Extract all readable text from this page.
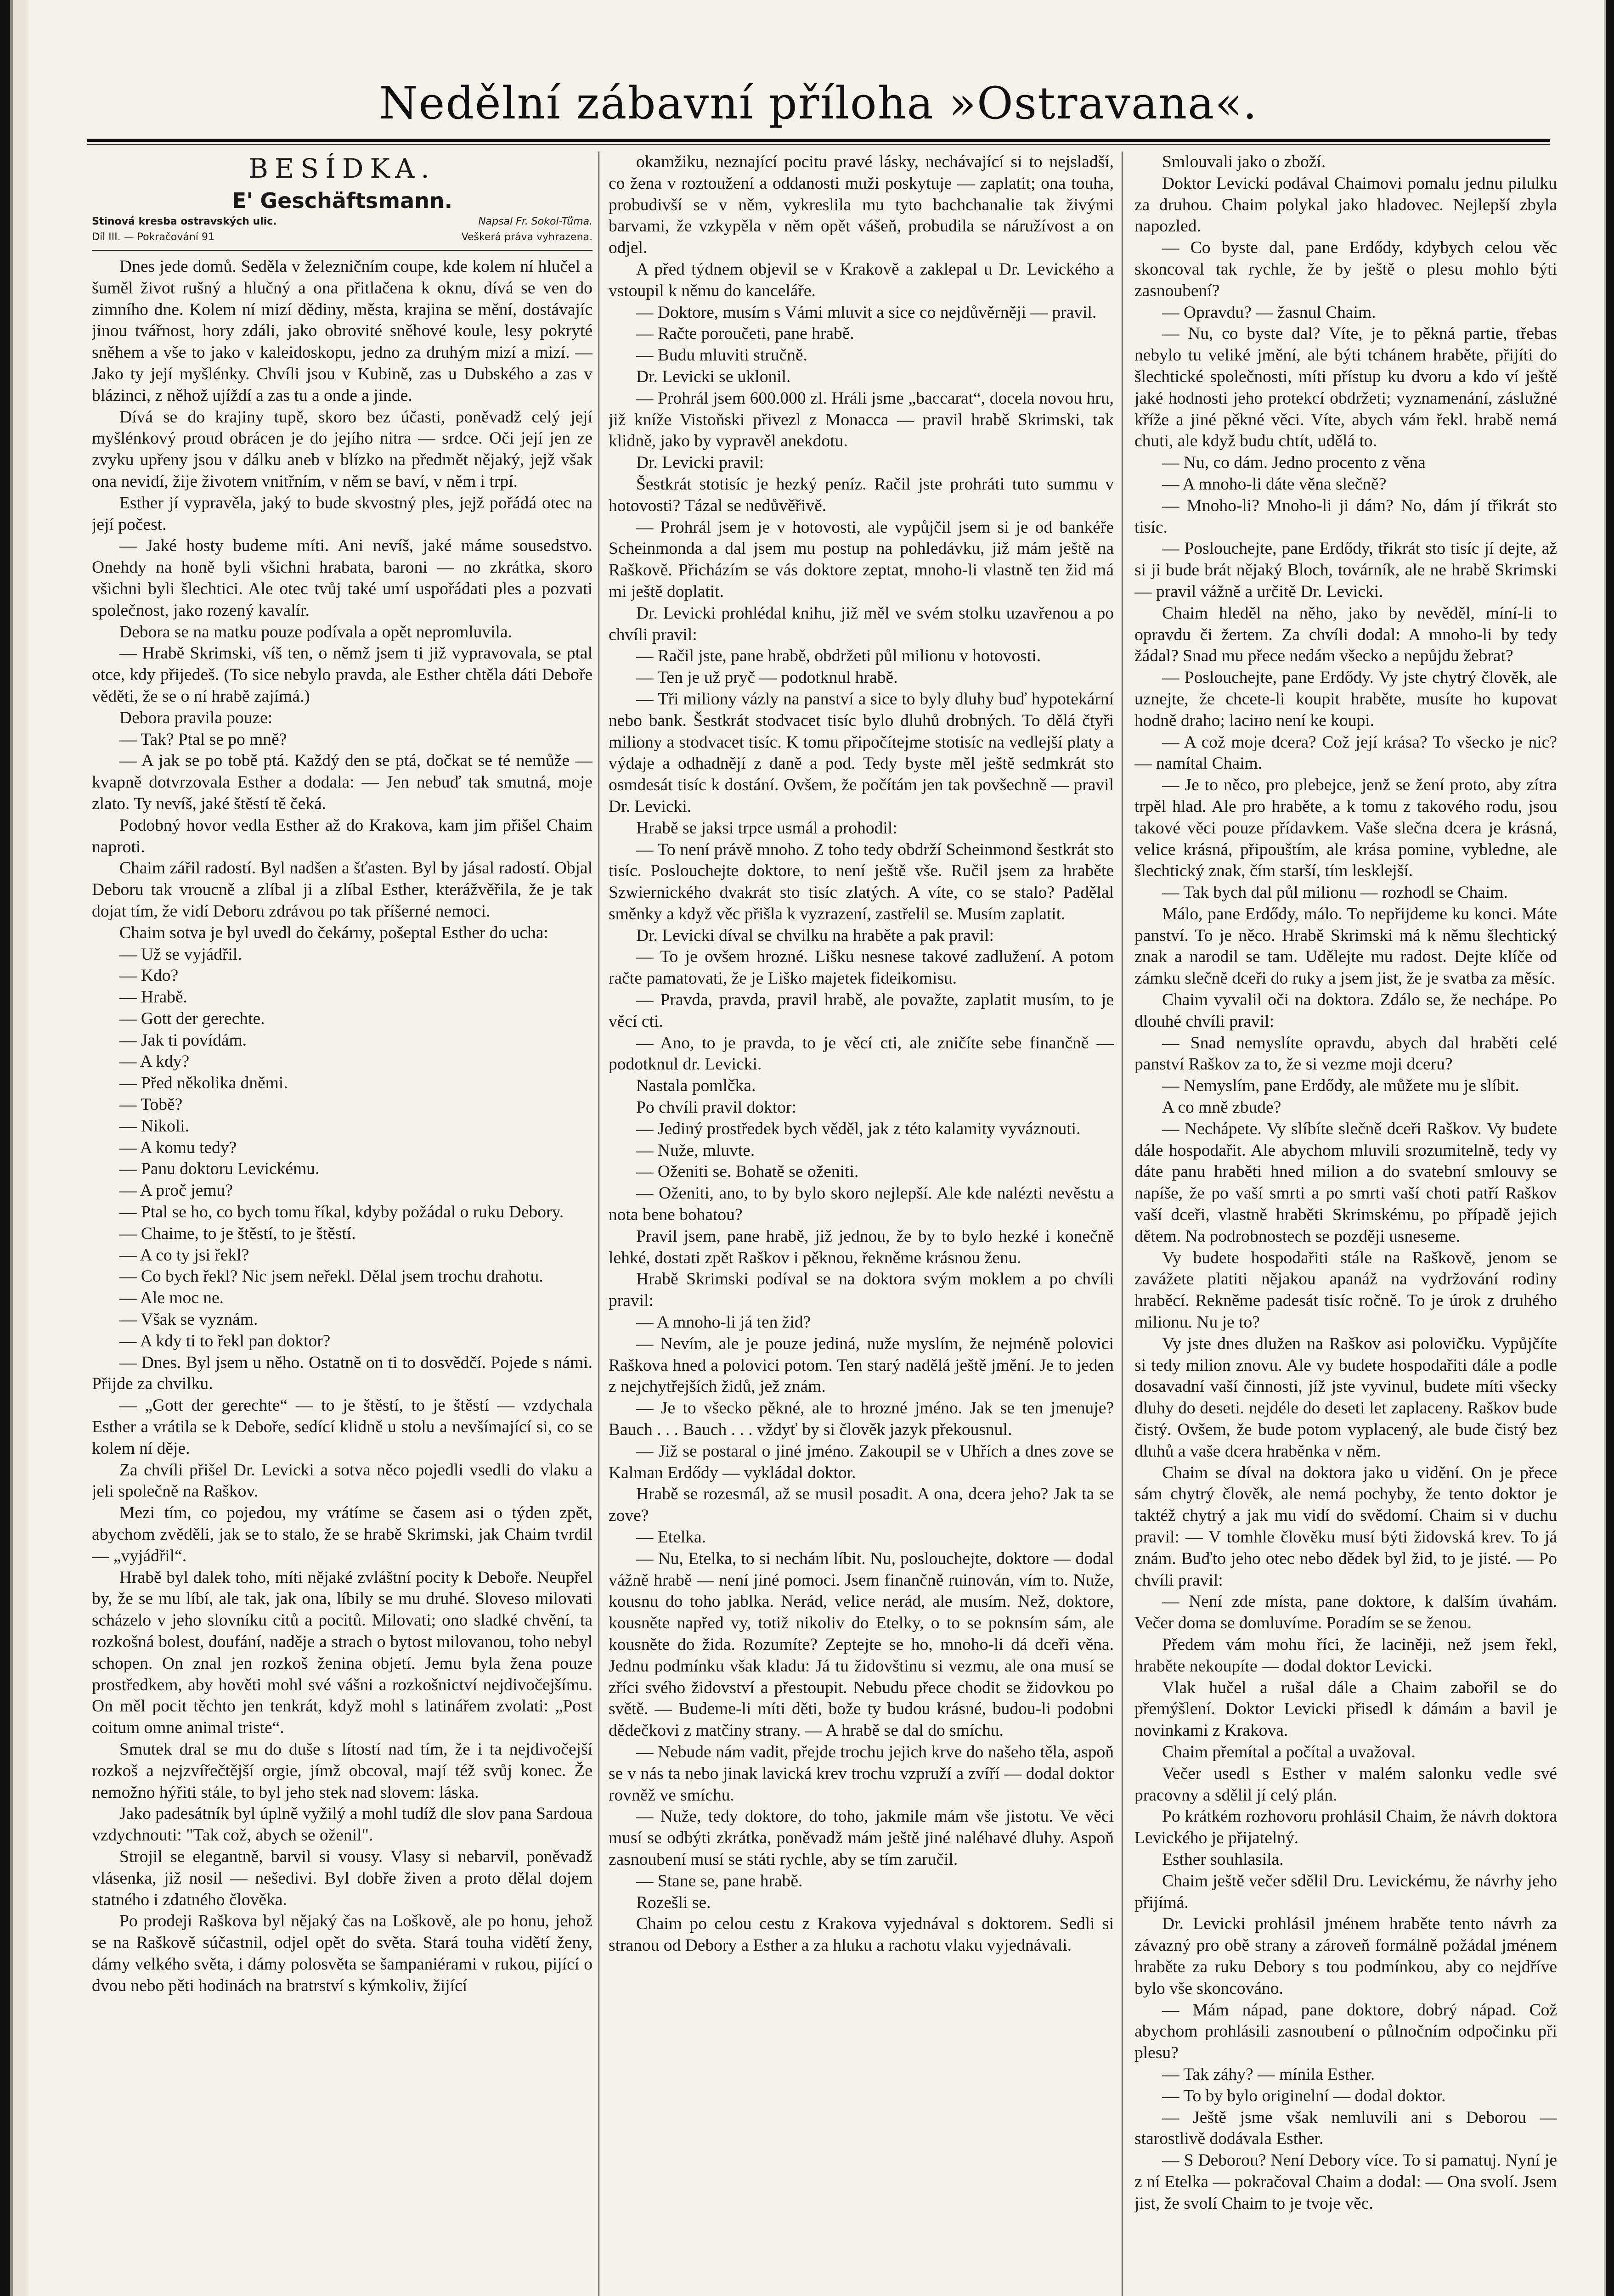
Nedělní zábavní příloha »Ostravana«.
BESÍDKA.
E' Geschäftsmann.
Stinová kresba ostravských ulic.	Napsal Fr. Sokol-Tůma.
Díl III. — Pokračování 91	Veškerá práva vyhrazena.

Dnes jede domů. Seděla v železničním coupe, kde kolem ní hlučel a šuměl život rušný a hlučný a ona přitlačena k oknu, dívá se ven do zimního dne. Kolem ní mizí dědiny, města, krajina se mění, dostávajíc jinou tvářnost, hory zdáli, jako obrovité sněhové koule, lesy pokryté sněhem a vše to jako v kaleidoskopu, jedno za druhým mizí a mizí. — Jako ty její myšlénky. Chvíli jsou v Kubině, zas u Dubského a zas v blázinci, z něhož ujíždí a zas tu a onde a jinde.

Dívá se do krajiny tupě, skoro bez účasti, poněvadž celý její myšlénkový proud obrácen je do jejího nitra — srdce. Oči její jen ze zvyku upřeny jsou v dálku aneb v blízko na předmět nějaký, jejž však ona nevidí, žije životem vnitřním, v něm se baví, v něm i trpí.

Esther jí vypravěla, jaký to bude skvostný ples, jejž pořádá otec na její počest.

— Jaké hosty budeme míti. Ani nevíš, jaké máme sousedstvo. Onehdy na honě byli všichni hrabata, baroni — no zkrátka, skoro všichni byli šlechtici. Ale otec tvůj také umí uspořádati ples a pozvati společnost, jako rozený kavalír.

Debora se na matku pouze podívala a opět nepromluvila.

— Hrabě Skrimski, víš ten, o němž jsem ti již vypravovala, se ptal otce, kdy přijedeš. (To sice nebylo pravda, ale Esther chtěla dáti Deboře věděti, že se o ní hrabě zajímá.)

Debora pravila pouze:

— Tak? Ptal se po mně?

— A jak se po tobě ptá. Každý den se ptá, dočkat se té nemůže — kvapně dotvrzovala Esther a dodala: — Jen nebuď tak smutná, moje zlato. Ty nevíš, jaké štěstí tě čeká.

Podobný hovor vedla Esther až do Krakova, kam jim přišel Chaim naproti.

Chaim zářil radostí. Byl nadšen a šťasten. Byl by jásal radostí. Objal Deboru tak vroucně a zlíbal ji a zlíbal Esther, kterážvěřila, že je tak dojat tím, že vidí Deboru zdrávou po tak příšerné nemoci.

Chaim sotva je byl uvedl do čekárny, pošeptal Esther do ucha:

— Už se vyjádřil.

— Kdo?

— Hrabě.

— Gott der gerechte.

— Jak ti povídám.

— A kdy?

— Před několika dněmi.

— Tobě?

— Nikoli.

— A komu tedy?

— Panu doktoru Levickému.

— A proč jemu?

— Ptal se ho, co bych tomu říkal, kdyby požádal o ruku Debory.

— Chaime, to je štěstí, to je štěstí.

— A co ty jsi řekl?

— Co bych řekl? Nic jsem neřekl. Dělal jsem trochu drahotu.

— Ale moc ne.

— Však se vyznám.

— A kdy ti to řekl pan doktor?

— Dnes. Byl jsem u něho. Ostatně on ti to dosvědčí. Pojede s námi. Přijde za chvilku.

— „Gott der gerechte“ — to je štěstí, to je štěstí — vzdychala Esther a vrátila se k Deboře, sedící klidně u stolu a nevšímající si, co se kolem ní děje.

Za chvíli přišel Dr. Levicki a sotva něco pojedli vsedli do vlaku a jeli společně na Raškov.

Mezi tím, co pojedou, my vrátíme se časem asi o týden zpět, abychom zvěděli, jak se to stalo, že se hrabě Skrimski, jak Chaim tvrdil — „vyjádřil“.

Hrabě byl dalek toho, míti nějaké zvláštní pocity k Deboře. Neupřel by, že se mu líbí, ale tak, jak ona, líbily se mu druhé. Slovesо milovati scházelo v jeho slovníku citů a pocitů. Milovati; ono sladké chvění, ta rozkošná bolest, doufání, naděje a strach o bytost milovanou, toho nebyl schopen. On znal jen rozkoš ženina objetí. Jemu byla žena pouze prostředkem, aby hověti mohl své vášni a rozkošnictví nejdivočejšímu. On měl pocit těchto jen tenkrát, když mohl s latinářem zvolati: „Post coitum omne animal triste“.

Smutek dral se mu do duše s lítostí nad tím, že i ta nejdivočejší rozkoš a nejzvířečtější orgie, jímž obcoval, mají též svůj konec. Že nemožno hýřiti stále, to byl jeho stek nad slovem: láska.

Jako padesátník byl úplně vyžilý a mohl tudíž dle slov pana Sardoua vzdychnouti: "Tak což, abych se oženil".

Strojil se elegantně, barvil si vousy. Vlasy si nebarvil, poněvadž vlásenka, již nosil — nešedivi. Byl dobře živen a proto dělal dojem statného i zdatného člověka.

Po prodeji Raškova byl nějaký čas na Loškově, ale po honu, jehož se na Raškově súčastnil, odjel opět do světa. Stará touha vidětí ženy, dámy velkého světa, i dámy polosvěta se šampaniérami v rukou, pijící o dvou nebo pěti hodinách na bratrství s kýmkoliv, žijící

okamžiku, neznající pocitu pravé lásky, nechávající si to nejsladší, co žena v roztoužení a oddanosti muži poskytuje — zaplatit; ona touha, probudivší se v něm, vykreslila mu tyto bachchanalie tak živými barvami, že vzkypěla v něm opět vášeň, probudila se náružívost a on odjel.

A před týdnem objevil se v Krakově a zaklepal u Dr. Levického a vstoupil k němu do kanceláře.

— Doktore, musím s Vámi mluvit a sice co nejdůvěrněji — pravil.

— Račte poroučeti, pane hrabě.

— Budu mluviti stručně.

Dr. Levicki se uklonil.

— Prohrál jsem 600.000 zl. Hráli jsme „baccarat“, docela novou hru, již kníže Vistoňski přivezl z Monacca — pravil hrabě Skrimski, tak klidně, jako by vypravěl anekdotu.

Dr. Levicki pravil:

Šestkrát stotisíc je hezký peníz. Račil jste prohráti tuto summu v hotovosti? Tázal se nedůvěřivě.

— Prohrál jsem je v hotovosti, ale vypůjčil jsem si je od bankéře Scheinmonda a dal jsem mu postup na pohledávku, již mám ještě na Raškově. Přicházím se vás doktore zeptat, mnoho-li vlastně ten žid má mi ještě doplatit.

Dr. Levicki prohlédal knihu, již měl ve svém stolku uzavřenou a po chvíli pravil:

— Račil jste, pane hrabě, obdržeti půl milionu v hotovosti.

— Ten je už pryč — podotknul hrabě.

— Tři miliony vázly na panství a sice to byly dluhy buď hypotekární nebo bank. Šestkrát stodvacet tisíc bylo dluhů drobných. To dělá čtyři miliony a stodvacet tisíc. K tomu připočítejme stotisíc na vedlejší platy a výdaje a odhadnějí z daně a pod. Tedy byste měl ještě sedmkrát sto osmdesát tisíc k dostání. Ovšem, že počítám jen tak povšechně — pravil Dr. Levicki.

Hrabě se jaksi trpce usmál a prohodil:

— To není právě mnoho. Z toho tedy obdrží Scheinmond šestkrát sto tisíc. Posloucheјte doktore, to není ještě vše. Ručil jsem za hraběte Szwiernického dvakrát sto tisíc zlatých. A víte, co se stalo? Padělal směnky a když věc přišla k vyzrazení, zastřelil se. Musím zaplatit.

Dr. Levicki díval se chvilku na hraběte a pak pravil:

— To je ovšem hrozné. Lišku nesnese takové zadlužení. A potom račte pamatovati, že je Liško majetek fideikomisu.

— Pravda, pravda, pravil hrabě, ale považte, zaplatit musím, to je věcí cti.

— Ano, to je pravda, to je věcí cti, ale zničíte sebe finančně — podotknul dr. Levicki.

Nastala pomlčka.

Po chvíli pravil doktor:

— Jediný prostředek bych věděl, jak z této kalamity vyváznouti.

— Nuže, mluvte.

— Oženiti se. Bohatě se oženiti.

— Oženiti, ano, to by bylo skoro nejlepší. Ale kde nalézti nevěstu a nota bene bohatou?

Pravil jsem, pane hrabě, již jednou, že by to bylo hezké i konečně lehké, dostati zpět Raškov i pěknou, řekněme krásnou ženu.

Hrabě Skrimski podíval se na doktora svým moklem a po chvíli pravil:

— A mnoho-li já ten žid?

— Nevím, ale je pouze jediná, nuže myslím, že nejméně polovici Raškova hned a polovici potom. Ten starý nadělá ještě jmění. Je to jeden z nejchytřejších židů, jež znám.

— Je to všecko pěkné, ale to hrozné jméno. Jak se ten jmenuje? Bauch . . . Bauch . . . vždyť by si člověk jazyk překousnul.

— Již se postaral o jiné jméno. Zakoupil se v Uhřích a dnes zove se Kalman Erdődy — vykládal doktor.

Hrabě se rozesmál, až se musil posadit. A ona, dcera jeho? Jak ta se zove?

— Etelka.

— Nu, Etelka, to si nechám líbit. Nu, poslouchejte, doktore — dodal vážně hrabě — není jiné pomoci. Jsem finančně ruinován, vím to. Nuže, kousnu do toho jablka. Nerád, velice nerád, ale musím. Než, doktore, kousněte napřed vy, totiž nikoliv do Etelky, o to se poknsím sám, ale kousněte do žida. Rozumíte? Zeptejte se ho, mnoho-li dá dceři věna. Jednu podmínku však kladu: Já tu židovštinu si vezmu, ale ona musí se zříci svého židovství a přestoupit. Nebudu přece chodit se židovkou po světě. — Budeme-li míti děti, bože ty budou krásné, budou-li podobni dědečkovi z matčiny strany. — A hrabě se dal do smíchu.

— Nebude nám vadit, přejde trochu jejich krve do našeho těla, aspoň se v nás ta nebo jinak lavická krev trochu vzpruží a zvíří — dodal doktor rovněž ve smíchu.

— Nuže, tedy doktore, do toho, jakmile mám vše jistotu. Ve věci musí se odbýti zkrátka, poněvadž mám ještě jiné naléhavé dluhy. Aspoň zasnoubení musí se státi rychle, aby se tím zaručil.

— Stane se, pane hrabě.

Rozešli se.

Chaim po celou cestu z Krakova vyjednával s doktorem. Sedli si stranou od Debory a Esther a za hluku a rachotu vlaku vyjednávali.

Smlouvali jako o zboží.

Doktor Levicki podával Chaimovi pomalu jednu pilulku za druhou. Chaim polykal jako hladovec. Nejlepší zbyla napozled.

— Co byste dal, pane Erdődy, kdybych celou věc skoncoval tak rychle, že by ještě o plesu mohlo býti zasnoubení?

— Opravdu? — žasnul Chaim.

— Nu, co byste dal? Víte, je to pěkná partie, třebas nebylo tu veliké jmění, ale býti tchánem hraběte, přijíti do šlechtické společnosti, míti přístup ku dvoru a kdo ví ještě jaké hodnosti jeho protekcí obdržeti; vyznamenání, záslužné kříže a jiné pěkné věci. Víte, abych vám řekl. hrabě nemá chuti, ale když budu chtít, udělá to.

— Nu, co dám. Jedno procento z věna

— A mnoho-li dáte věna slečně?

— Mnoho-li? Mnoho-li ji dám? No, dám jí třikrát sto tisíc.

— Poslouchejte, pane Erdődy, třikrát sto tisíc jí dejte, až si ji bude brát nějaký Bloch, továrník, ale ne hrabě Skrimski — pravil vážně a určitě Dr. Levicki.

Chaim hleděl na něho, jako by nevěděl, míní-li to opravdu či žertem. Za chvíli dodal: A mnoho-li by tedy žádal? Snad mu přece nedám všecko a nepůjdu žebrat?

— Poslouchejte, pane Erdődy. Vy jste chytrý člověk, ale uznejte, že chcete-li koupit hraběte, musíte ho kupovat hodně draho; laciно není ke koupi.

— A což moje dcera? Což její krása? To všecko je nic? — namítal Chaim.

— Je to něco, pro plebejce, jenž se žení proto, aby zítra trpěl hlad. Ale pro hraběte, a k tomu z takového rodu, jsou takové věci pouze přídavkem. Vaše slečna dcera je krásná, velice krásná, připouštím, ale krása pomine, vybledne, ale šlechtický znak, čím starší, tím lesklejší.

— Tak bych dal půl milionu — rozhodl se Chaim.

Málo, pane Erdődy, málo. To nepřijdeme ku konci. Máte panství. To je něco. Hrabě Skrimski má k němu šlechtický znak a narodil se tam. Udělejte mu radost. Dejte klíče od zámku slečně dceři do ruky a jsem jist, že je svatba za měsíc.

Chaim vyvalil oči na doktora. Zdálo se, že nechápe. Po dlouhé chvíli pravil:

— Snad nemyslíte opravdu, abych dal hraběti celé panství Raškov za to, že si vezme moji dceru?

— Nemyslím, pane Erdődy, ale můžete mu je slíbit.

A co mně zbude?

— Nechápete. Vy slíbíte slečně dceři Raškov. Vy budete dále hospodařit. Ale abychom mluvili srozumitelně, tedy vy dáte panu hraběti hned milion a do svatební smlouvy se napíše, že po vaší smrti a po smrti vaší choti patří Raškov vaší dceři, vlastně hraběti Skrimskému, po případě jejich dětem. Na podrobnostech se později usneseme.

Vy budete hospodařiti stále na Raškově, jenom se zavážete platiti nějakou apanáž na vydržování rodiny hraběcí. Rekněme padesát tisíc ročně. To je úrok z druhého milionu. Nu je to?

Vy jste dnes dlužen na Raškov asi polovičku. Vypůjčíte si tedy milion znovu. Ale vy budete hospodařiti dále a podle dosavadní vaší činnosti, jíž jste vyvinul, budete míti všecky dluhy do deseti. nejdéle do deseti let zaplaceny. Raškov bude čistý. Ovšem, že bude potom vyplacený, ale bude čistý bez dluhů a vaše dcera hraběnka v něm.

Chaim se díval na doktora jako u vidění. On je přece sám chytrý člověk, ale nemá pochyby, že tento doktor je taktéž chytrý a jak mu vidí do svědomí. Chaim si v duchu pravil: — V tomhle člověku musí býti židovská krev. To já znám. Buďto jeho otec nebo dědek byl žid, to je jisté. — Po chvíli pravil:

— Není zde místa, pane doktore, k dalším úvahám. Večer doma se domluvíme. Poradím se se ženou.

Předem vám mohu říci, že laciněji, než jsem řekl, hraběte nekoupíte — dodal doktor Levicki.

Vlak hučel a rušal dále a Chaim zabořil se do přemýšlení. Doktor Levicki přisedl k dámám a bavil je novinkami z Krakova.

Chaim přemítal a počítal a uvažoval.

Večer usedl s Esther v malém salonku vedle své pracovny a sdělil jí celý plán.

Po krátkém rozhovoru prohlásil Chaim, že návrh doktora Levického je přijatelný.

Esther souhlasila.

Chaim ještě večer sdělil Dru. Levickému, že návrhy jeho přijímá.

Dr. Levicki prohlásil jménem hraběte tento návrh za závazný pro obě strany a zároveň formálně požádal jménem hraběte za ruku Debory s tou podmínkou, aby co nejdříve bylo vše skoncováno.

— Mám nápad, pane doktore, dobrý nápad. Což abychom prohlásili zasnoubení o půlnočním odpočinku při plesu?

— Tak záhy? — mínila Esther.

— To by bylo originelní — dodal doktor.

— Ještě jsme však nemluvili ani s Deborou — starostlivě dodávala Esther.

— S Deborou? Není Debory více. To si pamatuj. Nyní je z ní Etelka — pokračoval Chaim a dodal: — Ona svolí. Jsem jist, že svolí Chaim to je tvoje věc.
